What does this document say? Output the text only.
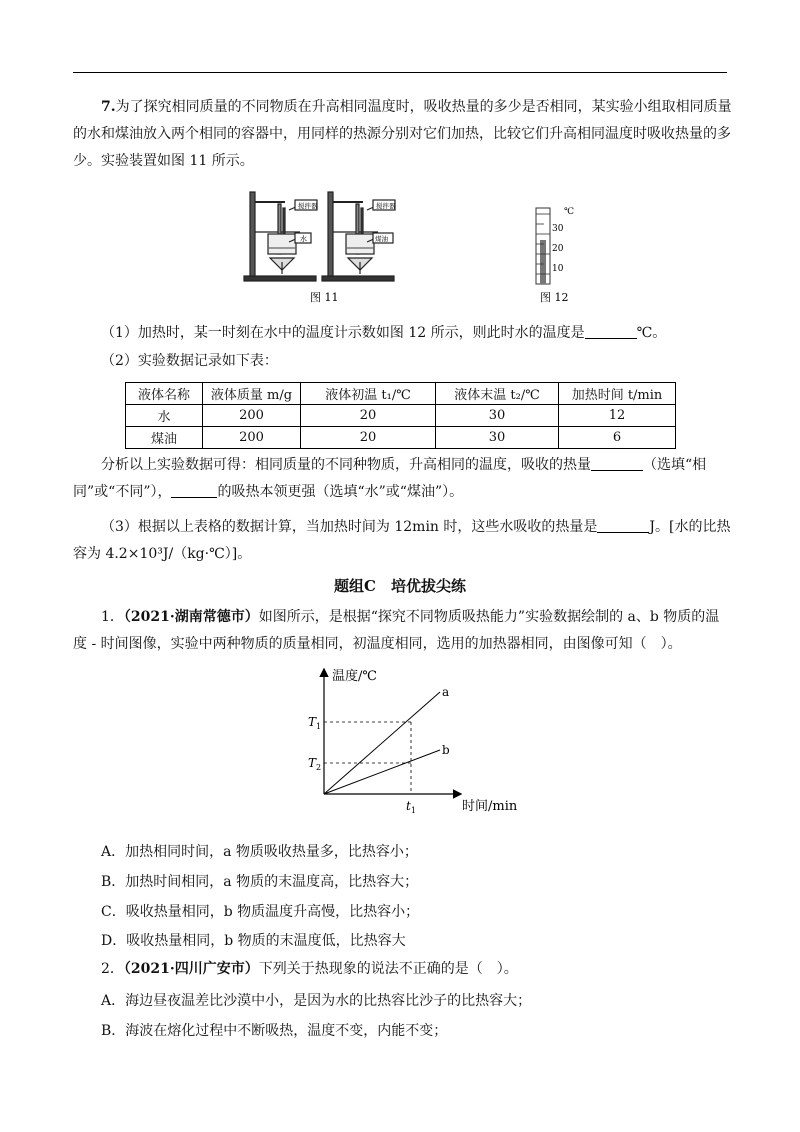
7.为了探究相同质量的不同物质在升高相同温度时，吸收热量的多少是否相同，某实验小组取相同质量的水和煤油放入两个相同的容器中，用同样的热源分别对它们加热，比较它们升高相同温度时吸收热量的多少。实验装置如图 11 所示。

搅拌器	搅拌器
水	煤油
图 11
℃
30
20
10
图 12

（1）加热时，某一时刻在水中的温度计示数如图 12 所示，则此时水的温度是	℃。

（2）实验数据记录如下表：

液体名称	液体质量 m/g	液体初温 t₁/℃	液体末温 t₂/℃	加热时间 t/min
水	200	20	30	12
煤油	200	20	30	6

分析以上实验数据可得：相同质量的不同种物质，升高相同的温度，吸收的热量	（选填“相同”或“不同”），	的吸热本领更强（选填“水”或“煤油”）。

（3）根据以上表格的数据计算，当加热时间为 12min 时，这些水吸收的热量是	J。[水的比热容为 4.2×10³J/（kg·℃）]。

题组C　培优拔尖练

1．（2021·湖南常德市）如图所示，是根据“探究不同物质吸热能力”实验数据绘制的 a、b 物质的温度 - 时间图像，实验中两种物质的质量相同，初温度相同，选用的加热器相同，由图像可知（　）。

温度/℃
时间/min
$T_1$
$T_2$
$t_1$
a
b
A．加热相同时间，a 物质吸收热量多，比热容小；
B．加热时间相同，a 物质的末温度高，比热容大；
C．吸收热量相同，b 物质温度升高慢，比热容小；
D．吸收热量相同，b 物质的末温度低，比热容大

2．（2021·四川广安市）下列关于热现象的说法不正确的是（　）。

A．海边昼夜温差比沙漠中小，是因为水的比热容比沙子的比热容大；
B．海波在熔化过程中不断吸热，温度不变，内能不变；
